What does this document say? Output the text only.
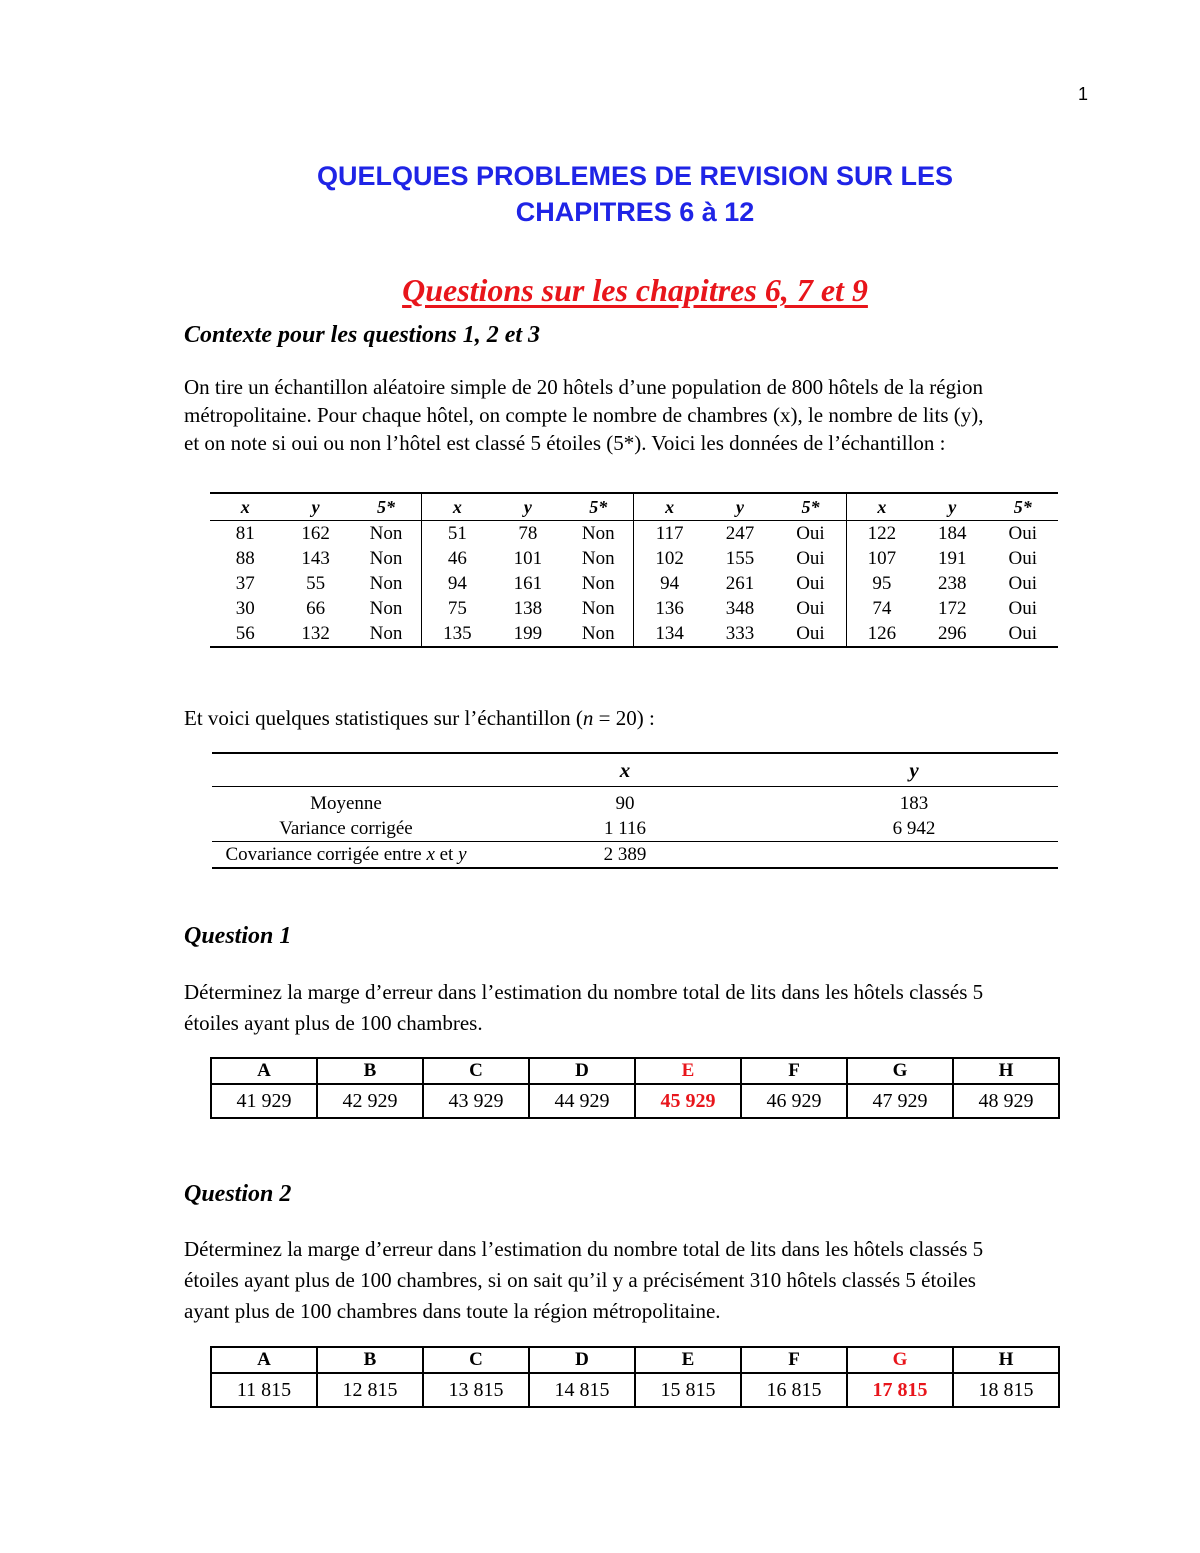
1
QUELQUES PROBLEMES DE REVISION SUR LES
CHAPITRES 6 à 12
Questions sur les chapitres 6, 7 et 9
Contexte pour les questions 1, 2 et 3
On tire un échantillon aléatoire simple de 20 hôtels d’une population de 800 hôtels de la région
métropolitaine. Pour chaque hôtel, on compte le nombre de chambres (x), le nombre de lits (y),
et on note si oui ou non l’hôtel est classé 5 étoiles (5*). Voici les données de l’échantillon :
x	y	5*	x	y	5*	x	y	5*	x	y	5*
81	162	Non	51	78	Non	117	247	Oui	122	184	Oui
88	143	Non	46	101	Non	102	155	Oui	107	191	Oui
37	55	Non	94	161	Non	94	261	Oui	95	238	Oui
30	66	Non	75	138	Non	136	348	Oui	74	172	Oui
56	132	Non	135	199	Non	134	333	Oui	126	296	Oui
Et voici quelques statistiques sur l’échantillon (n = 20) :
	x	y
Moyenne	90	183
Variance corrigée	1 116	6 942
Covariance corrigée entre x et y	2 389	
Question 1
Déterminez la marge d’erreur dans l’estimation du nombre total de lits dans les hôtels classés 5
étoiles ayant plus de 100 chambres.
A	B	C	D	E	F	G	H
41 929	42 929	43 929	44 929	45 929	46 929	47 929	48 929
Question 2
Déterminez la marge d’erreur dans l’estimation du nombre total de lits dans les hôtels classés 5
étoiles ayant plus de 100 chambres, si on sait qu’il y a précisément 310 hôtels classés 5 étoiles
ayant plus de 100 chambres dans toute la région métropolitaine.
A	B	C	D	E	F	G	H
11 815	12 815	13 815	14 815	15 815	16 815	17 815	18 815
